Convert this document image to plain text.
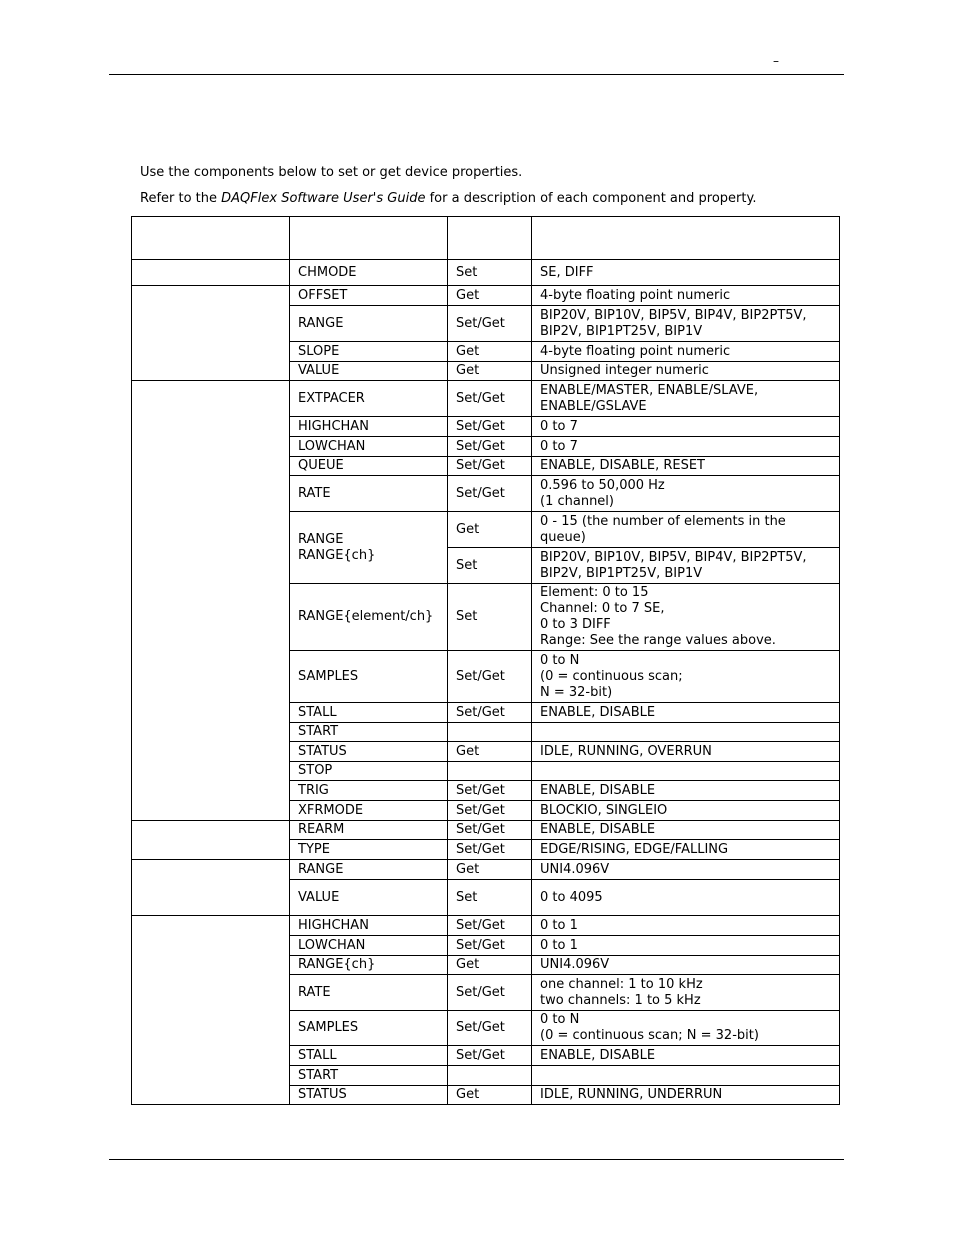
–
Use the components below to set or get device properties.
Refer to the DAQFlex Software User's Guide for a description of each component and property.

	CHMODE	Set	SE, DIFF
	OFFSET	Get	4-byte floating point numeric
	RANGE	Set/Get	BIP20V, BIP10V, BIP5V, BIP4V, BIP2PT5V,
BIP2V, BIP1PT25V, BIP1V
	SLOPE	Get	4-byte floating point numeric
	VALUE	Get	Unsigned integer numeric
	EXTPACER	Set/Get	ENABLE/MASTER, ENABLE/SLAVE,
ENABLE/GSLAVE
	HIGHCHAN	Set/Get	0 to 7
	LOWCHAN	Set/Get	0 to 7
	QUEUE	Set/Get	ENABLE, DISABLE, RESET
	RATE	Set/Get	0.596 to 50,000 Hz
(1 channel)
	RANGE
RANGE{ch}	Get	0 - 15 (the number of elements in the
queue)
		Set	BIP20V, BIP10V, BIP5V, BIP4V, BIP2PT5V,
BIP2V, BIP1PT25V, BIP1V
	RANGE{element/ch}	Set	Element: 0 to 15
Channel: 0 to 7 SE,
0 to 3 DIFF
Range: See the range values above.
	SAMPLES	Set/Get	0 to N
(0 = continuous scan;
N = 32-bit)
	STALL	Set/Get	ENABLE, DISABLE
	START		
	STATUS	Get	IDLE, RUNNING, OVERRUN
	STOP		
	TRIG	Set/Get	ENABLE, DISABLE
	XFRMODE	Set/Get	BLOCKIO, SINGLEIO
	REARM	Set/Get	ENABLE, DISABLE
	TYPE	Set/Get	EDGE/RISING, EDGE/FALLING
	RANGE	Get	UNI4.096V
	VALUE	Set	0 to 4095
	HIGHCHAN	Set/Get	0 to 1
	LOWCHAN	Set/Get	0 to 1
	RANGE{ch}	Get	UNI4.096V
	RATE	Set/Get	one channel: 1 to 10 kHz
two channels: 1 to 5 kHz
	SAMPLES	Set/Get	0 to N
(0 = continuous scan; N = 32-bit)
	STALL	Set/Get	ENABLE, DISABLE
	START		
	STATUS	Get	IDLE, RUNNING, UNDERRUN
